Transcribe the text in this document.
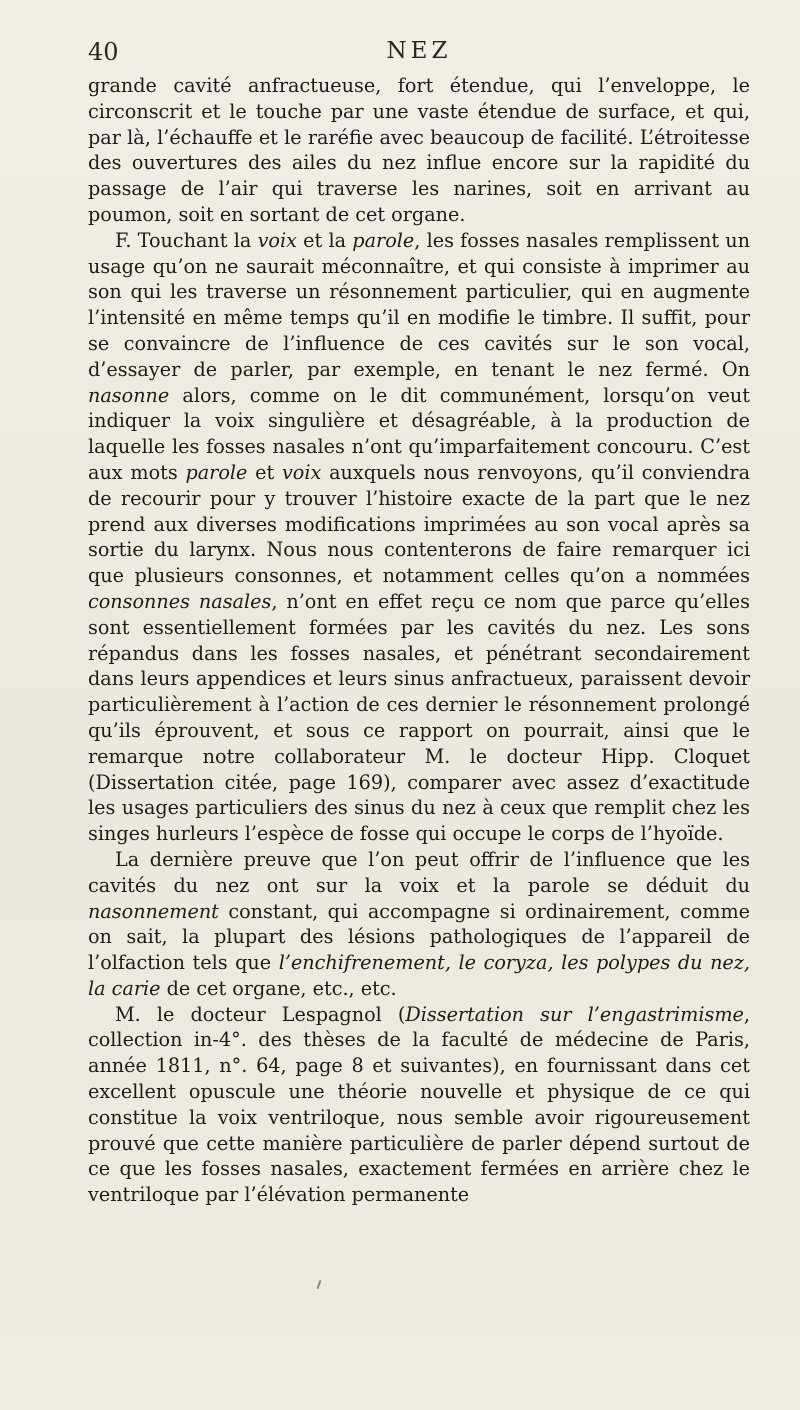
40	NEZ

grande cavité anfractueuse, fort étendue, qui l’enveloppe, le circonscrit et le touche par une vaste étendue de surface, et qui, par là, l’échauffe et le raréfie avec beaucoup de facilité. L’étroitesse des ouvertures des ailes du nez influe encore sur la rapidité du passage de l’air qui traverse les narines, soit en arrivant au poumon, soit en sortant de cet organe.

F. Touchant la voix et la parole, les fosses nasales remplissent un usage qu’on ne saurait méconnaître, et qui consiste à imprimer au son qui les traverse un résonnement particulier, qui en augmente l’intensité en même temps qu’il en modifie le timbre. Il suffit, pour se convaincre de l’influence de ces cavités sur le son vocal, d’essayer de parler, par exemple, en tenant le nez fermé. On nasonne alors, comme on le dit communément, lorsqu’on veut indiquer la voix singulière et désagréable, à la production de laquelle les fosses nasales n’ont qu’imparfaitement concouru. C’est aux mots parole et voix auxquels nous renvoyons, qu’il conviendra de recourir pour y trouver l’histoire exacte de la part que le nez prend aux diverses modifications imprimées au son vocal après sa sortie du larynx. Nous nous contenterons de faire remarquer ici que plusieurs consonnes, et notamment celles qu’on a nommées consonnes nasales, n’ont en effet reçu ce nom que parce qu’elles sont essentiellement formées par les cavités du nez. Les sons répandus dans les fosses nasales, et pénétrant secondairement dans leurs appendices et leurs sinus anfractueux, paraissent devoir particulièrement à l’action de ces dernier le résonnement prolongé qu’ils éprouvent, et sous ce rapport on pourrait, ainsi que le remarque notre collaborateur M. le docteur Hipp. Cloquet (Dissertation citée, page 169), comparer avec assez d’exactitude les usages particuliers des sinus du nez à ceux que remplit chez les singes hurleurs l’espèce de fosse qui occupe le corps de l’hyoïde.

La dernière preuve que l’on peut offrir de l’influence que les cavités du nez ont sur la voix et la parole se déduit du nasonnement constant, qui accompagne si ordinairement, comme on sait, la plupart des lésions pathologiques de l’appareil de l’olfaction tels que l’enchifrenement, le coryza, les polypes du nez, la carie de cet organe, etc., etc.

M. le docteur Lespagnol (Dissertation sur l’engastrimisme, collection in-4°. des thèses de la faculté de médecine de Paris, année 1811, n°. 64, page 8 et suivantes), en fournissant dans cet excellent opuscule une théorie nouvelle et physique de ce qui constitue la voix ventriloque, nous semble avoir rigoureusement prouvé que cette manière particulière de parler dépend surtout de ce que les fosses nasales, exactement fermées en arrière chez le ventriloque par l’élévation permanente
